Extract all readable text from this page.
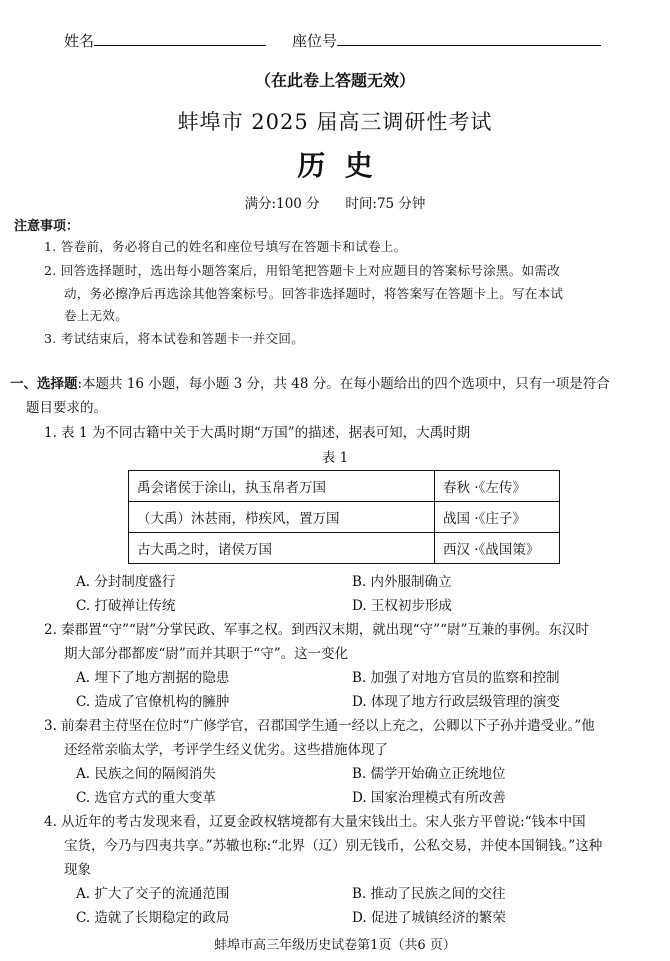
姓名	座位号
（在此卷上答题无效）
蚌埠市 2025 届高三调研性考试
历  史
满分:100 分      时间:75 分钟
注意事项：
1. 答卷前，务必将自己的姓名和座位号填写在答题卡和试卷上。
2. 回答选择题时，选出每小题答案后，用铅笔把答题卡上对应题目的答案标号涂黑。如需改
动，务必擦净后再选涂其他答案标号。回答非选择题时，将答案写在答题卡上。写在本试
卷上无效。
3. 考试结束后，将本试卷和答题卡一并交回。
一、选择题:本题共 16 小题，每小题 3 分，共 48 分。在每小题给出的四个选项中，只有一项是符合
题目要求的。
1. 表 1 为不同古籍中关于大禹时期“万国”的描述，据表可知，大禹时期
表 1
禹会诸侯于涂山，执玉帛者万国	春秋 ·《左传》
（大禹）沐甚雨，栉疾风，置万国	战国 ·《庄子》
古大禹之时，诸侯万国	西汉 ·《战国策》
A. 分封制度盛行	B. 内外服制确立
C. 打破禅让传统	D. 王权初步形成
2. 秦郡置“守”“尉”分掌民政、军事之权。到西汉末期，就出现“守”“尉”互兼的事例。东汉时
期大部分郡都废“尉”而并其职于“守”。这一变化
A. 埋下了地方割据的隐患	B. 加强了对地方官员的监察和控制
C. 造成了官僚机构的臃肿	D. 体现了地方行政层级管理的演变
3. 前秦君主苻坚在位时“广修学官，召郡国学生通一经以上充之，公卿以下子孙并遣受业。”他
还经常亲临太学，考评学生经义优劣。这些措施体现了
A. 民族之间的隔阂消失	B. 儒学开始确立正统地位
C. 选官方式的重大变革	D. 国家治理模式有所改善
4. 从近年的考古发现来看，辽夏金政权辖境都有大量宋钱出土。宋人张方平曾说:“钱本中国
宝货，今乃与四夷共享。”苏辙也称:“北界（辽）别无钱币，公私交易，并使本国铜钱。”这种
现象
A. 扩大了交子的流通范围	B. 推动了民族之间的交往
C. 造就了长期稳定的政局	D. 促进了城镇经济的繁荣
蚌埠市高三年级历史试卷第1页（共6 页）
